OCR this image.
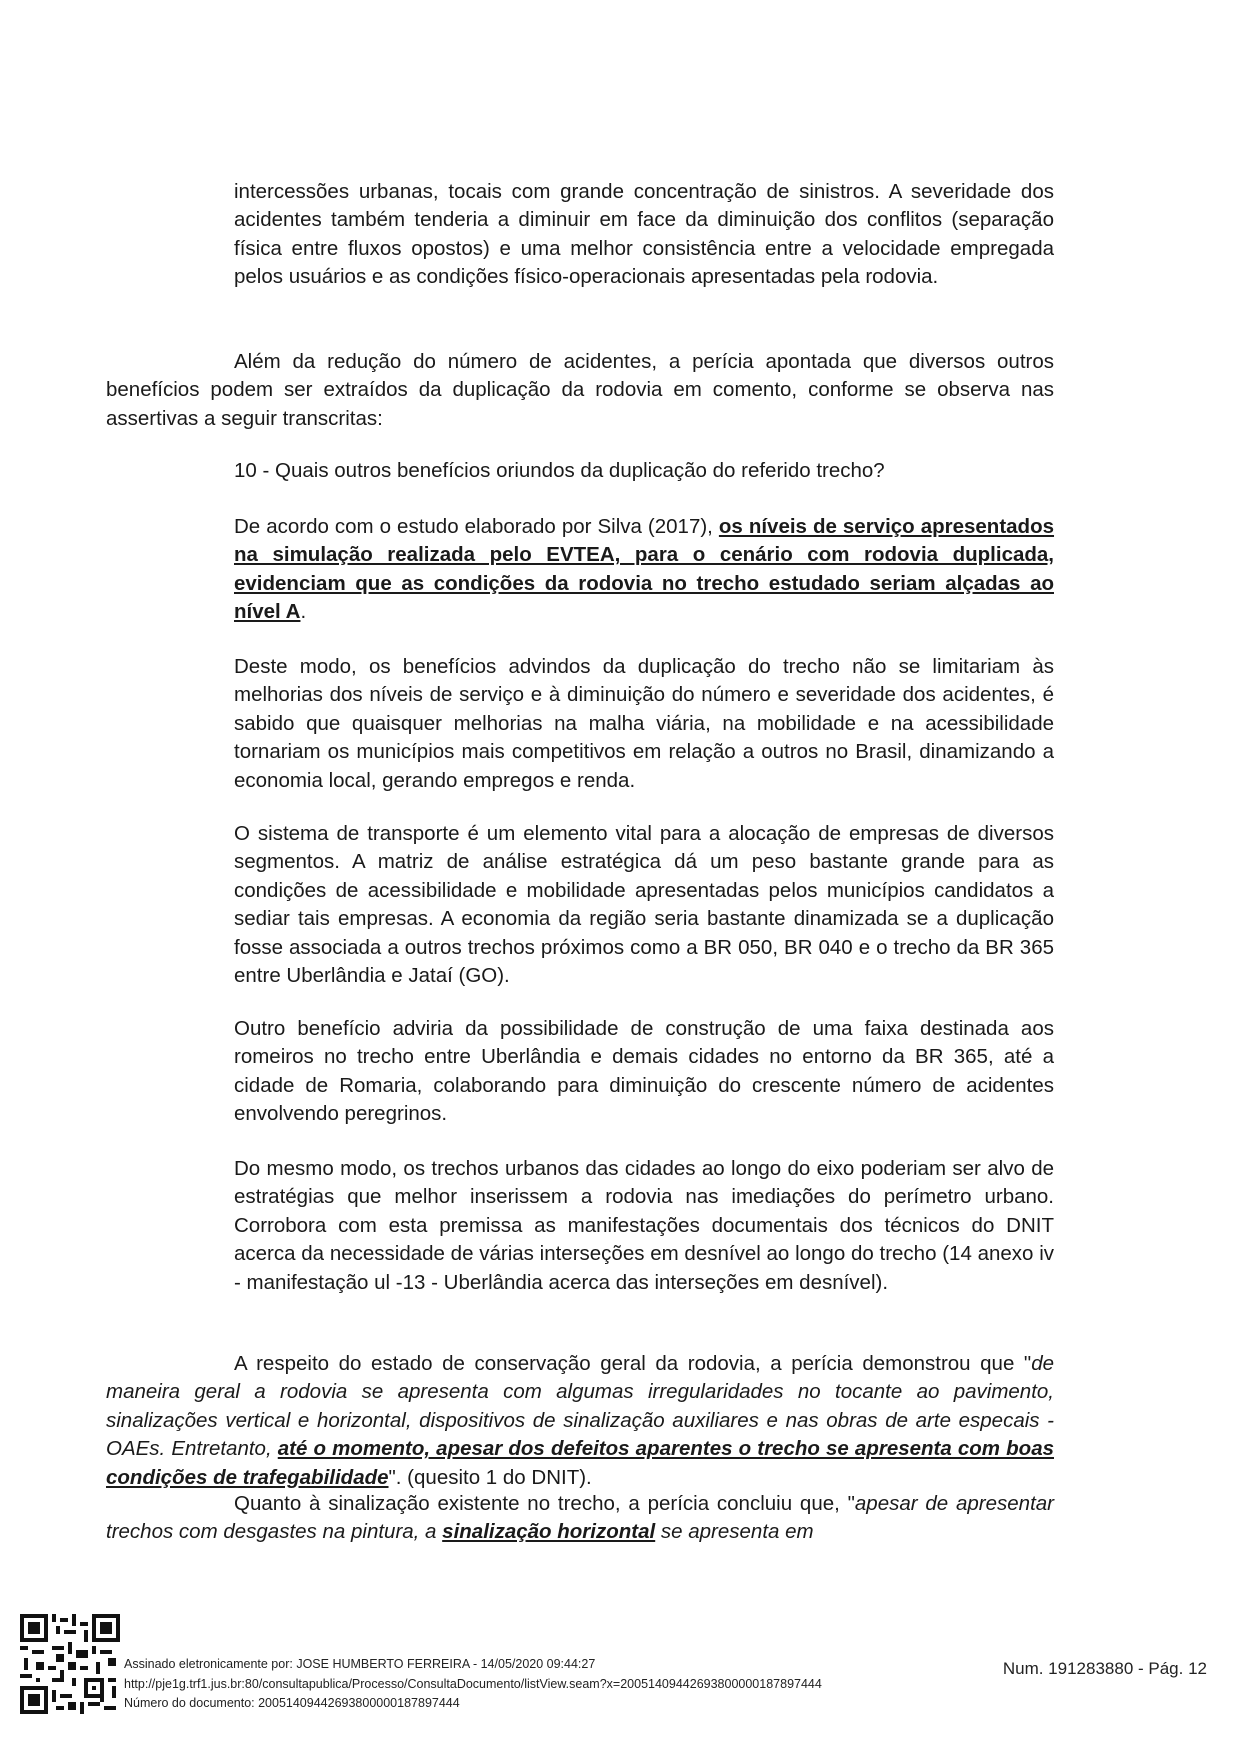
intercessões urbanas, tocais com grande concentração de sinistros. A severidade dos acidentes também tenderia a diminuir em face da diminuição dos conflitos (separação física entre fluxos opostos) e uma melhor consistência entre a velocidade empregada pelos usuários e as condições físico-operacionais apresentadas pela rodovia.

Além da redução do número de acidentes, a perícia apontada que diversos outros benefícios podem ser extraídos da duplicação da rodovia em comento, conforme se observa nas assertivas a seguir transcritas:

10 - Quais outros benefícios oriundos da duplicação do referido trecho?

De acordo com o estudo elaborado por Silva (2017), os níveis de serviço apresentados na simulação realizada pelo EVTEA, para o cenário com rodovia duplicada, evidenciam que as condições da rodovia no trecho estudado seriam alçadas ao nível A.

Deste modo, os benefícios advindos da duplicação do trecho não se limitariam às melhorias dos níveis de serviço e à diminuição do número e severidade dos acidentes, é sabido que quaisquer melhorias na malha viária, na mobilidade e na acessibilidade tornariam os municípios mais competitivos em relação a outros no Brasil, dinamizando a economia local, gerando empregos e renda.

O sistema de transporte é um elemento vital para a alocação de empresas de diversos segmentos. A matriz de análise estratégica dá um peso bastante grande para as condições de acessibilidade e mobilidade apresentadas pelos municípios candidatos a sediar tais empresas. A economia da região seria bastante dinamizada se a duplicação fosse associada a outros trechos próximos como a BR 050, BR 040 e o trecho da BR 365 entre Uberlândia e Jataí (GO).

Outro benefício adviria da possibilidade de construção de uma faixa destinada aos romeiros no trecho entre Uberlândia e demais cidades no entorno da BR 365, até a cidade de Romaria, colaborando para diminuição do crescente número de acidentes envolvendo peregrinos.

Do mesmo modo, os trechos urbanos das cidades ao longo do eixo poderiam ser alvo de estratégias que melhor inserissem a rodovia nas imediações do perímetro urbano. Corrobora com esta premissa as manifestações documentais dos técnicos do DNIT acerca da necessidade de várias interseções em desnível ao longo do trecho (14 anexo iv - manifestação ul -13 - Uberlândia acerca das interseções em desnível).

A respeito do estado de conservação geral da rodovia, a perícia demonstrou que "de maneira geral a rodovia se apresenta com algumas irregularidades no tocante ao pavimento, sinalizações vertical e horizontal, dispositivos de sinalização auxiliares e nas obras de arte especais - OAEs. Entretanto, até o momento, apesar dos defeitos aparentes o trecho se apresenta com boas condições de trafegabilidade". (quesito 1 do DNIT).

Quanto à sinalização existente no trecho, a perícia concluiu que, "apesar de apresentar trechos com desgastes na pintura, a sinalização horizontal se apresenta em

Assinado eletronicamente por: JOSE HUMBERTO FERREIRA - 14/05/2020 09:44:27
http://pje1g.trf1.jus.br:80/consultapublica/Processo/ConsultaDocumento/listView.seam?x=20051409442693800000187897444
Número do documento: 20051409442693800000187897444
Num. 191283880 - Pág. 12
